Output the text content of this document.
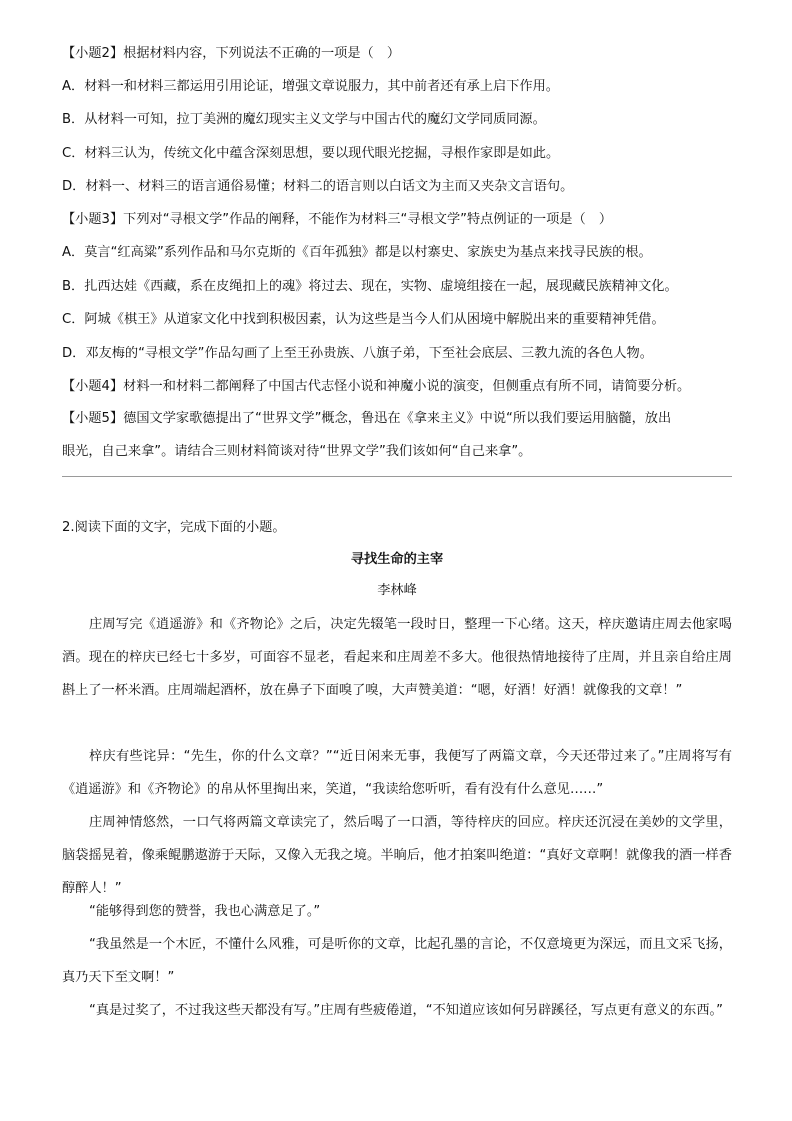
【小题2】根据材料内容，下列说法不正确的一项是（　）
A．材料一和材料三都运用引用论证，增强文章说服力，其中前者还有承上启下作用。
B．从材料一可知，拉丁美洲的魔幻现实主义文学与中国古代的魔幻文学同质同源。
C．材料三认为，传统文化中蕴含深刻思想，要以现代眼光挖掘，寻根作家即是如此。
D．材料一、材料三的语言通俗易懂；材料二的语言则以白话文为主而又夹杂文言语句。
【小题3】下列对“寻根文学”作品的阐释，不能作为材料三“寻根文学”特点例证的一项是（　）
A．莫言“红高粱”系列作品和马尔克斯的《百年孤独》都是以村寨史、家族史为基点来找寻民族的根。
B．扎西达娃《西藏，系在皮绳扣上的魂》将过去、现在，实物、虚境组接在一起，展现藏民族精神文化。
C．阿城《棋王》从道家文化中找到积极因素，认为这些是当今人们从困境中解脱出来的重要精神凭借。
D．邓友梅的“寻根文学”作品勾画了上至王孙贵族、八旗子弟，下至社会底层、三教九流的各色人物。
【小题4】材料一和材料二都阐释了中国古代志怪小说和神魔小说的演变，但侧重点有所不同，请简要分析。
【小题5】德国文学家歌德提出了“世界文学”概念，鲁迅在《拿来主义》中说“所以我们要运用脑髓，放出
眼光，自己来拿”。请结合三则材料简谈对待“世界文学”我们该如何“自己来拿”。
2.阅读下面的文字，完成下面的小题。
寻找生命的主宰
李林峰
庄周写完《逍遥游》和《齐物论》之后，决定先辍笔一段时日，整理一下心绪。这天，梓庆邀请庄周去他家喝酒。现在的梓庆已经七十多岁，可面容不显老，看起来和庄周差不多大。他很热情地接待了庄周，并且亲自给庄周斟上了一杯米酒。庄周端起酒杯，放在鼻子下面嗅了嗅，大声赞美道：“嗯，好酒！好酒！就像我的文章！”
梓庆有些诧异：“先生，你的什么文章？”“近日闲来无事，我便写了两篇文章，今天还带过来了。”庄周将写有《逍遥游》和《齐物论》的帛从怀里掏出来，笑道，“我读给您听听，看有没有什么意见……”
庄周神情悠然，一口气将两篇文章读完了，然后喝了一口酒，等待梓庆的回应。梓庆还沉浸在美妙的文学里，脑袋摇晃着，像乘鲲鹏遨游于天际，又像入无我之境。半晌后，他才拍案叫绝道：“真好文章啊！就像我的酒一样香醇醉人！”
“能够得到您的赞誉，我也心满意足了。”
“我虽然是一个木匠，不懂什么风雅，可是听你的文章，比起孔墨的言论，不仅意境更为深远，而且文采飞扬，真乃天下至文啊！”
“真是过奖了，不过我这些天都没有写。”庄周有些疲倦道，“不知道应该如何另辟蹊径，写点更有意义的东西。”
